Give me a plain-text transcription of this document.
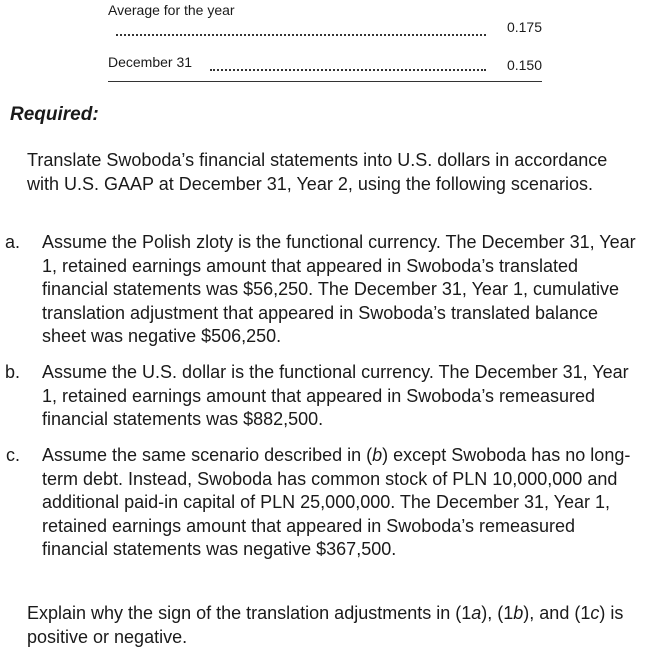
Average for the year
0.175
December 31	0.150
Required:

Translate Swoboda’s financial statements into U.S. dollars in accordance with U.S. GAAP at December 31, Year 2, using the following scenarios.

a. Assume the Polish zloty is the functional currency. The December 31, Year 1, retained earnings amount that appeared in Swoboda’s translated financial statements was $56,250. The December 31, Year 1, cumulative translation adjustment that appeared in Swoboda’s translated balance sheet was negative $506,250.

b. Assume the U.S. dollar is the functional currency. The December 31, Year 1, retained earnings amount that appeared in Swoboda’s remeasured financial statements was $882,500.

c. Assume the same scenario described in (b) except Swoboda has no long-term debt. Instead, Swoboda has common stock of PLN 10,000,000 and additional paid-in capital of PLN 25,000,000. The December 31, Year 1, retained earnings amount that appeared in Swoboda’s remeasured financial statements was negative $367,500.

Explain why the sign of the translation adjustments in (1a), (1b), and (1c) is positive or negative.
